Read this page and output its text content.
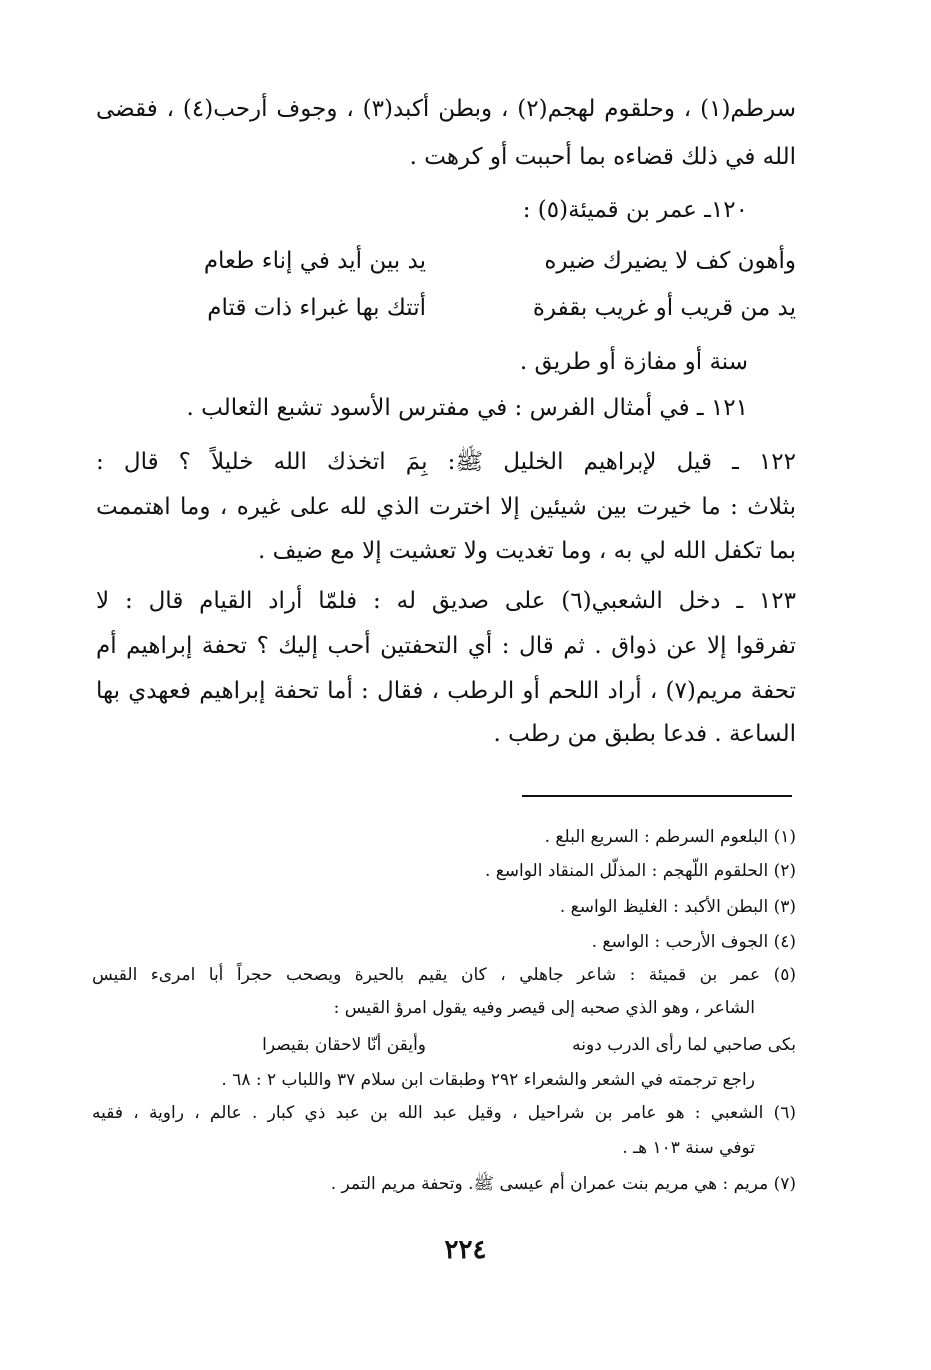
سرطم(١) ، وحلقوم لهجم(٢) ، وبطن أكبد(٣) ، وجوف أرحب(٤) ، فقضى

الله في ذلك قضاءه بما أحببت أو كرهت .

١٢٠ـ عمر بن قميئة(٥) :

وأهون كف لا يضيرك ضيره
يد بين أيد في إناء طعام
يد من قريب أو غريب بقفرة
أتتك بها غبراء ذات قتام

سنة أو مفازة أو طريق .

١٢١ ـ في أمثال الفرس : في مفترس الأسود تشبع الثعالب .

١٢٢ ـ قيل لإبراهيم الخليل ﷺ: بِمَ اتخذك الله خليلاً ؟ قال :

بثلاث : ما خيرت بين شيئين إلا اخترت الذي لله على غيره ، وما اهتممت

بما تكفل الله لي به ، وما تغديت ولا تعشيت إلا مع ضيف .

١٢٣ ـ دخل الشعبي(٦) على صديق له : فلمّا أراد القيام قال : لا

تفرقوا إلا عن ذواق . ثم قال : أي التحفتين أحب إليك ؟ تحفة إبراهيم أم

تحفة مريم(٧) ، أراد اللحم أو الرطب ، فقال : أما تحفة إبراهيم فعهدي بها

الساعة . فدعا بطبق من رطب .

(١) البلعوم السرطم : السريع البلع .

(٢) الحلقوم اللّهجم : المذلّل المنقاد الواسع .

(٣) البطن الأكبد : الغليظ الواسع .

(٤) الجوف الأرحب : الواسع .

(٥) عمر بن قميئة : شاعر جاهلي ، كان يقيم بالحيرة ويصحب حجراً أبا امرىء القيس

الشاعر ، وهو الذي صحبه إلى قيصر وفيه يقول امرؤ القيس :

بكى صاحبي لما رأى الدرب دونه
وأيقن أنّا لاحقان بقيصرا

راجع ترجمته في الشعر والشعراء ٢٩٢ وطبقات ابن سلام ٣٧ واللباب ٢ : ٦٨ .

(٦) الشعبي : هو عامر بن شراحيل ، وقيل عبد الله بن عبد ذي كبار . عالم ، راوية ، فقيه

توفي سنة ١٠٣ هـ .

(٧) مريم : هي مريم بنت عمران أم عيسى ﷺ. وتحفة مريم التمر .

٢٢٤
